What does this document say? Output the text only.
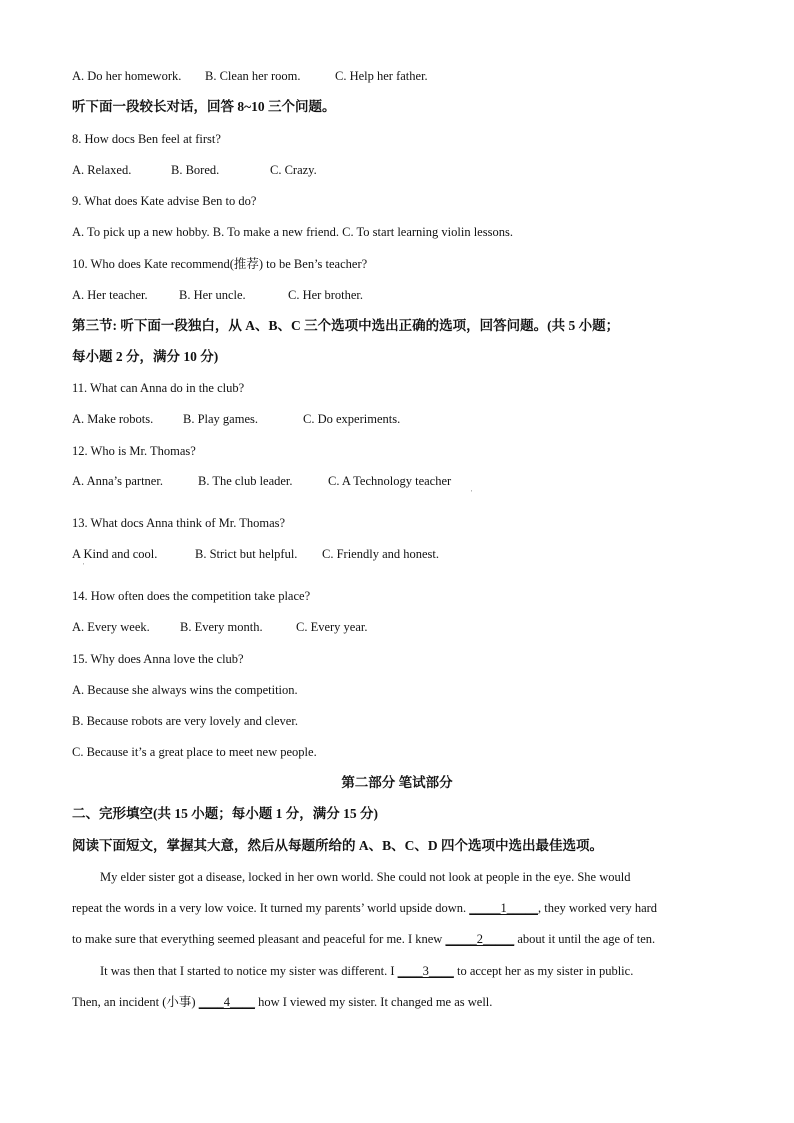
A. Do her homework. B. Clean her room.	C. Help her father.
听下面一段较长对话，回答 8~10 三个问题。
8. How docs Ben feel at first?
A. Relaxed.	B. Bored.	C. Crazy.
9. What does Kate advise Ben to do?
A. To pick up a new hobby. B. To make a new friend. C. To start learning violin lessons.
10. Who does Kate recommend(推荐) to be Ben’s teacher?
A. Her teacher.	B. Her uncle.	C. Her brother.
第三节: 听下面一段独白，从 A、B、C 三个选项中选出正确的选项，回答问题。(共 5 小题；
每小题 2 分，满分 10 分)
11. What can Anna do in the club?
A. Make robots. B. Play games.	C. Do experiments.
12. Who is Mr. Thomas?
A. Anna’s partner.	B. The club leader.	C. A Technology teacher
ˈ
13. What docs Anna think of Mr. Thomas?
A Kind and cool.	B. Strict but helpful. C. Friendly and honest.
ˈ
14. How often does the competition take place?
A. Every week. B. Every month.	C. Every year.
15. Why does Anna love the club?
A. Because she always wins the competition.
B. Because robots are very lovely and clever.
C. Because it’s a great place to meet new people.
第二部分 笔试部分
二、完形填空(共 15 小题；每小题 1 分，满分 15 分)
阅读下面短文，掌握其大意，然后从每题所给的 A、B、C、D 四个选项中选出最佳选项。
My elder sister got a disease, locked in her own world. She could not look at people in the eye. She would
repeat the words in a very low voice. It turned my parents’ world upside down. _____1_____, they worked very hard
to make sure that everything seemed pleasant and peaceful for me. I knew _____2_____ about it until the age of ten.
It was then that I started to notice my sister was different. I ____3____ to accept her as my sister in public.
Then, an incident (小事) ____4____ how I viewed my sister. It changed me as well.
